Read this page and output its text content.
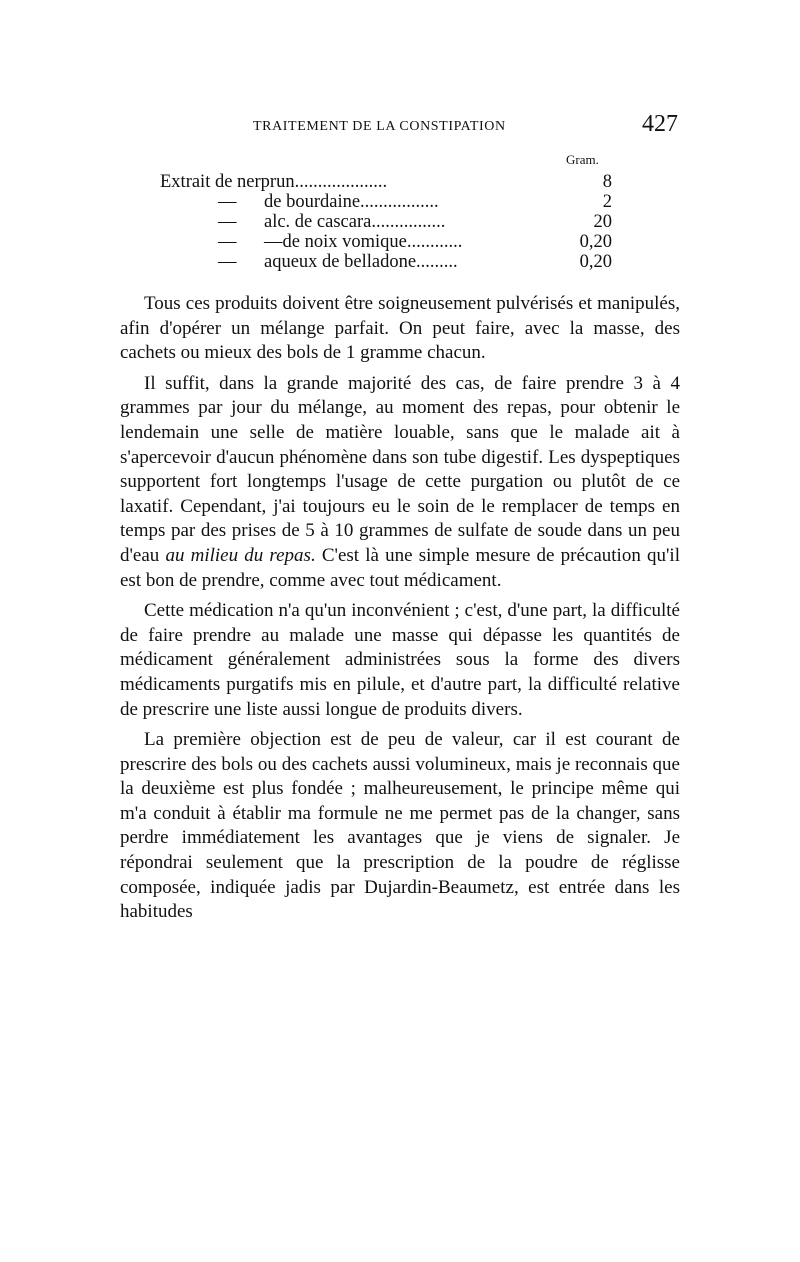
TRAITEMENT DE LA CONSTIPATION	427
Gram.
Extrait de nerprun....................	8
—	de bourdaine.................	2
—	alc. de cascara................	20
—	—de noix vomique............	0,20
—	aqueux de belladone.........	0,20

Tous ces produits doivent être soigneusement pulvérisés et manipulés, afin d'opérer un mélange parfait. On peut faire, avec la masse, des cachets ou mieux des bols de 1 gramme chacun.

Il suffit, dans la grande majorité des cas, de faire prendre 3 à 4 grammes par jour du mélange, au moment des repas, pour obtenir le lendemain une selle de matière louable, sans que le malade ait à s'apercevoir d'aucun phénomène dans son tube digestif. Les dyspeptiques supportent fort longtemps l'usage de cette purgation ou plutôt de ce laxatif. Cependant, j'ai toujours eu le soin de le remplacer de temps en temps par des prises de 5 à 10 grammes de sulfate de soude dans un peu d'eau au milieu du repas. C'est là une simple mesure de précaution qu'il est bon de prendre, comme avec tout médicament.

Cette médication n'a qu'un inconvénient ; c'est, d'une part, la difficulté de faire prendre au malade une masse qui dépasse les quantités de médicament généralement administrées sous la forme des divers médicaments purgatifs mis en pilule, et d'autre part, la difficulté relative de prescrire une liste aussi longue de produits divers.

La première objection est de peu de valeur, car il est courant de prescrire des bols ou des cachets aussi volumineux, mais je reconnais que la deuxième est plus fondée ; malheureusement, le principe même qui m'a conduit à établir ma formule ne me permet pas de la changer, sans perdre immédiatement les avantages que je viens de signaler. Je répondrai seulement que la prescription de la poudre de réglisse composée, indiquée jadis par Dujardin-Beaumetz, est entrée dans les habitudes
